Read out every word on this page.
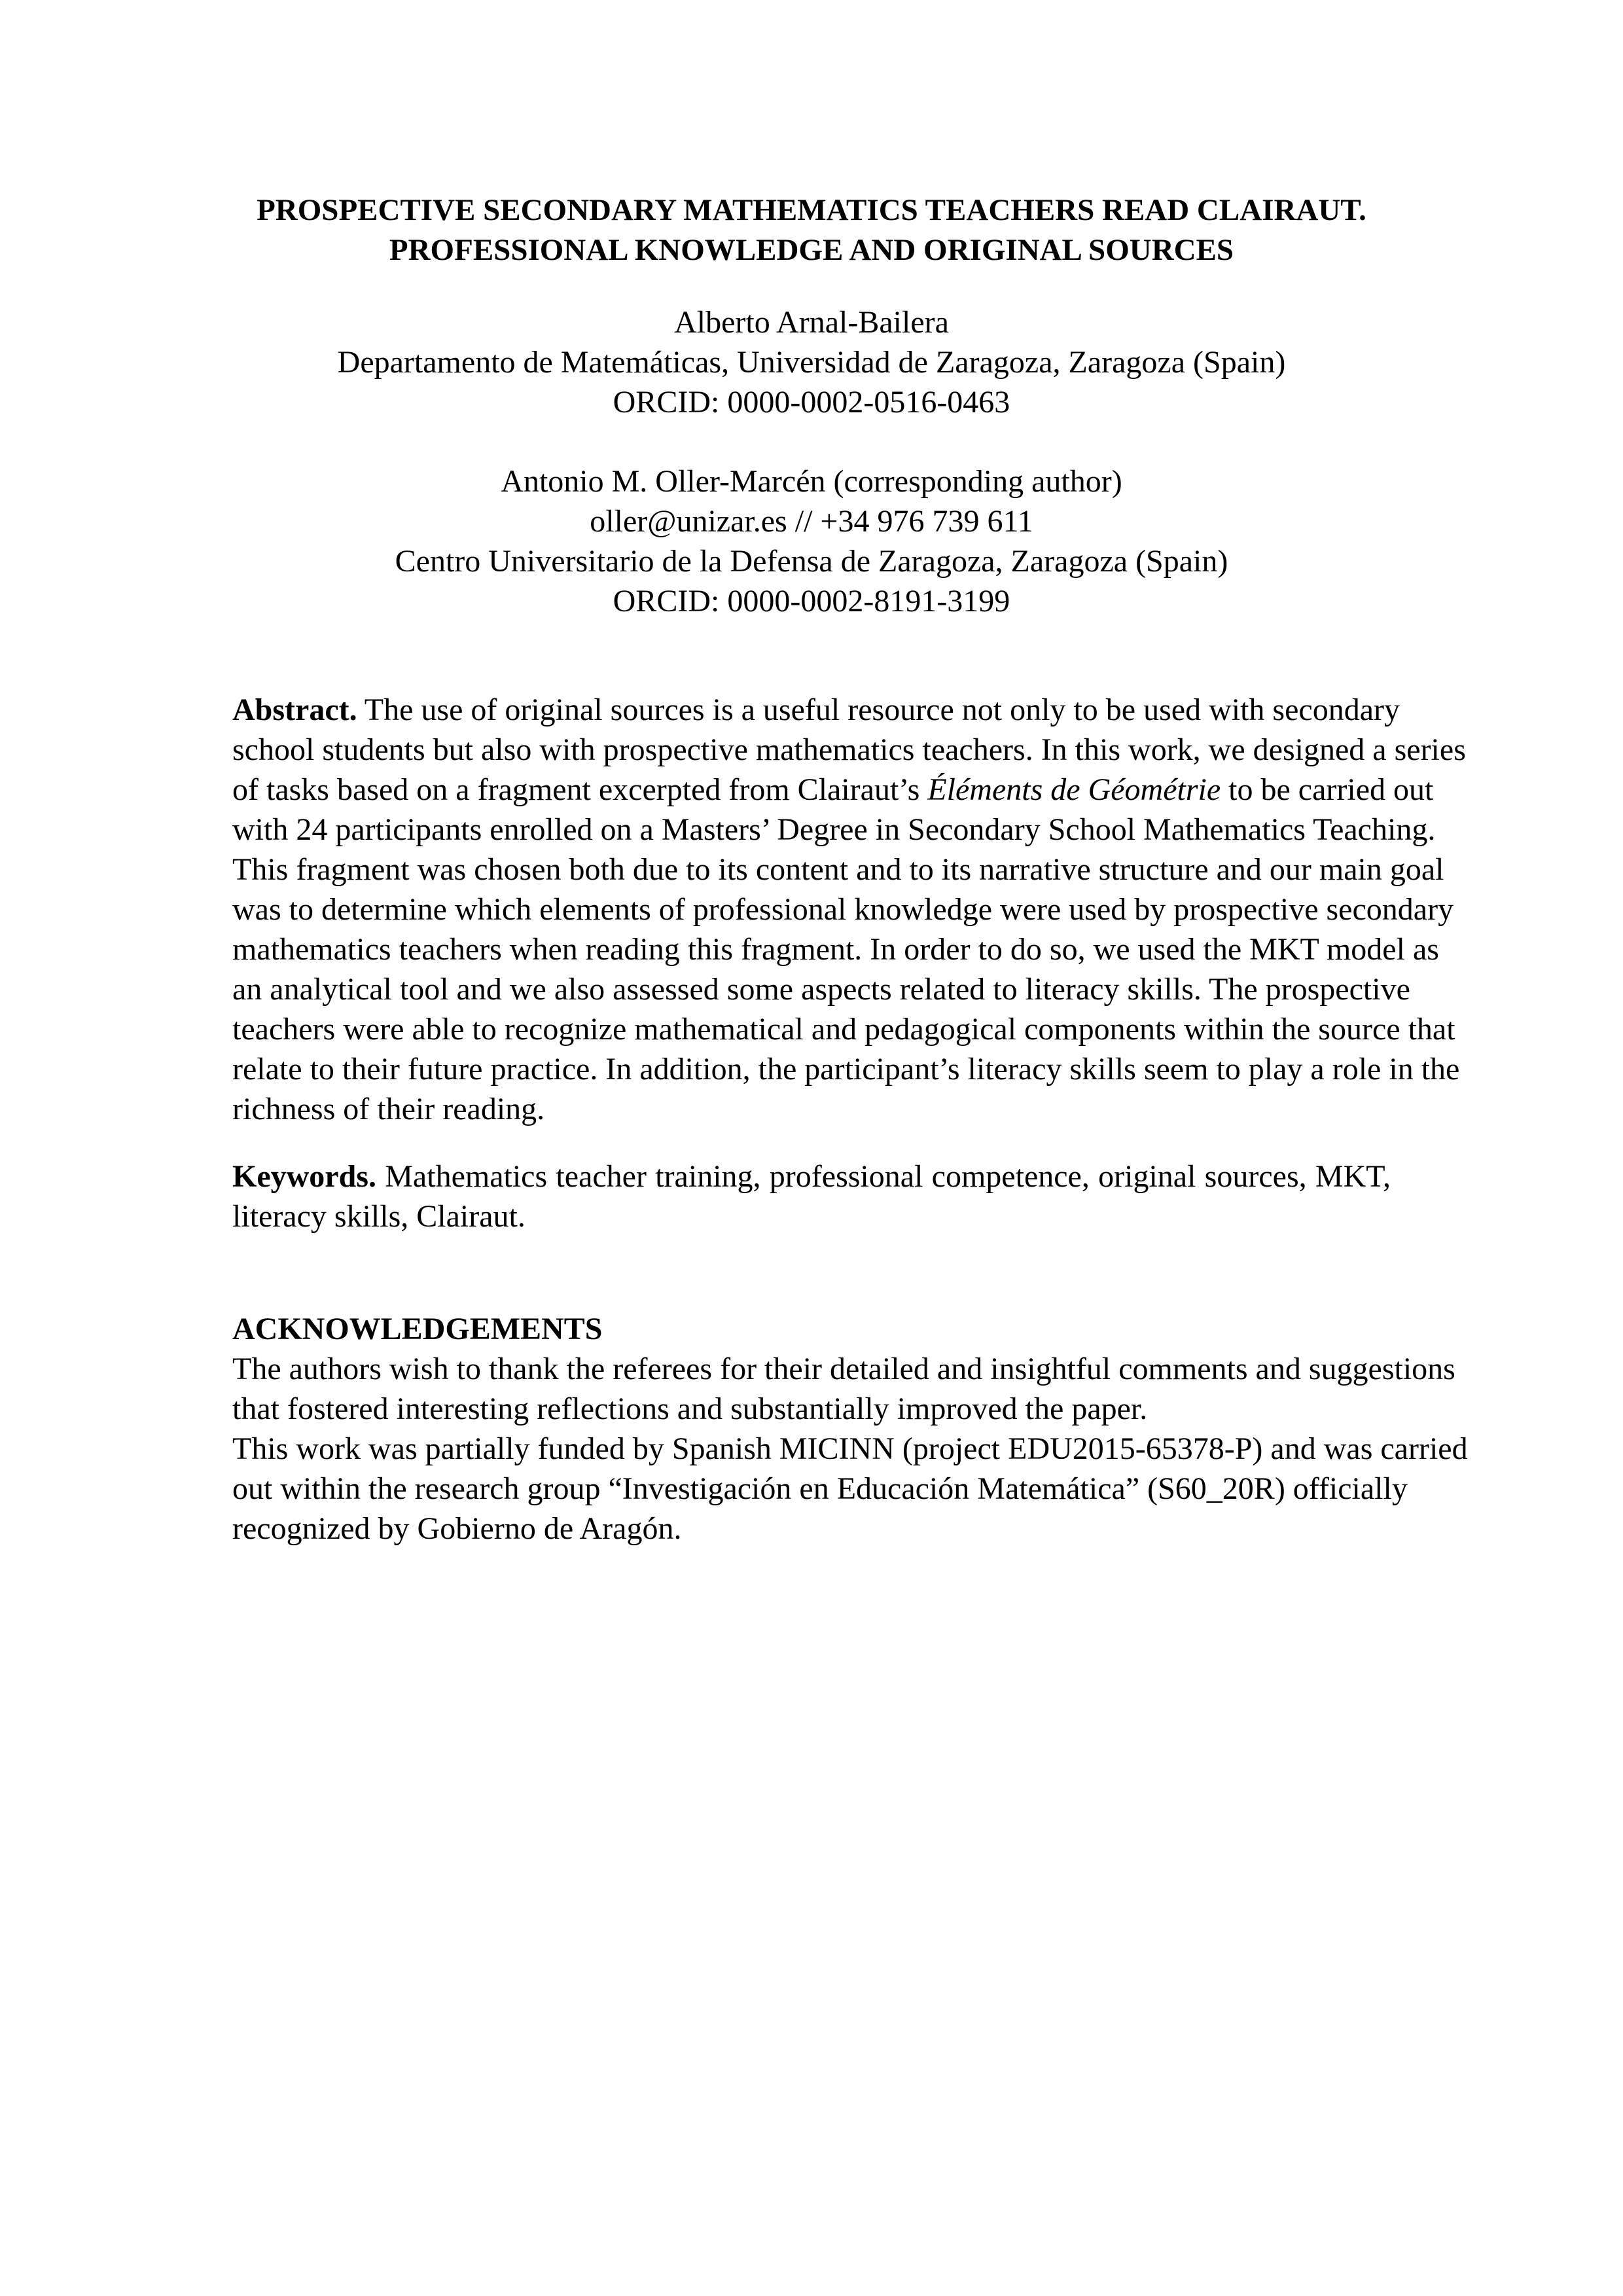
PROSPECTIVE SECONDARY MATHEMATICS TEACHERS READ CLAIRAUT.
PROFESSIONAL KNOWLEDGE AND ORIGINAL SOURCES
Alberto Arnal-Bailera
Departamento de Matemáticas, Universidad de Zaragoza, Zaragoza (Spain)
ORCID: 0000-0002-0516-0463
Antonio M. Oller-Marcén (corresponding author)
oller@unizar.es // +34 976 739 611
Centro Universitario de la Defensa de Zaragoza, Zaragoza (Spain)
ORCID: 0000-0002-8191-3199
Abstract. The use of original sources is a useful resource not only to be used with secondary
school students but also with prospective mathematics teachers. In this work, we designed a series
of tasks based on a fragment excerpted from Clairaut’s Éléments de Géométrie to be carried out
with 24 participants enrolled on a Masters’ Degree in Secondary School Mathematics Teaching.
This fragment was chosen both due to its content and to its narrative structure and our main goal
was to determine which elements of professional knowledge were used by prospective secondary
mathematics teachers when reading this fragment. In order to do so, we used the MKT model as
an analytical tool and we also assessed some aspects related to literacy skills. The prospective
teachers were able to recognize mathematical and pedagogical components within the source that
relate to their future practice. In addition, the participant’s literacy skills seem to play a role in the
richness of their reading.
Keywords. Mathematics teacher training, professional competence, original sources, MKT,
literacy skills, Clairaut.
ACKNOWLEDGEMENTS
The authors wish to thank the referees for their detailed and insightful comments and suggestions
that fostered interesting reflections and substantially improved the paper.
This work was partially funded by Spanish MICINN (project EDU2015-65378-P) and was carried
out within the research group “Investigación en Educación Matemática” (S60_20R) officially
recognized by Gobierno de Aragón.
